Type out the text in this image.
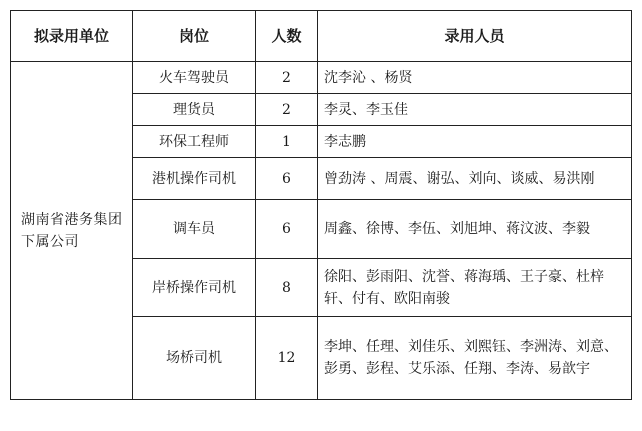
拟录用单位	岗位	人数	录用人员
湖南省港务集团下属公司	火车驾驶员	2	沈李沁 、杨贤
	理货员	2	李灵、李玉佳
	环保工程师	1	李志鹏
	港机操作司机	6	曾劲涛 、周震、谢弘、刘向、谈威、易洪刚
	调车员	6	周鑫、徐博、李伍、刘旭坤、蒋汶波、李毅
	岸桥操作司机	8	徐阳、彭雨阳、沈誉、蒋海瑀、王子豪、杜梓轩、付有、欧阳南骏
	场桥司机	12	李坤、任理、刘佳乐、刘熙钰、李洲涛、刘意、彭勇、彭程、艾乐添、任翔、李涛、易歆宇
